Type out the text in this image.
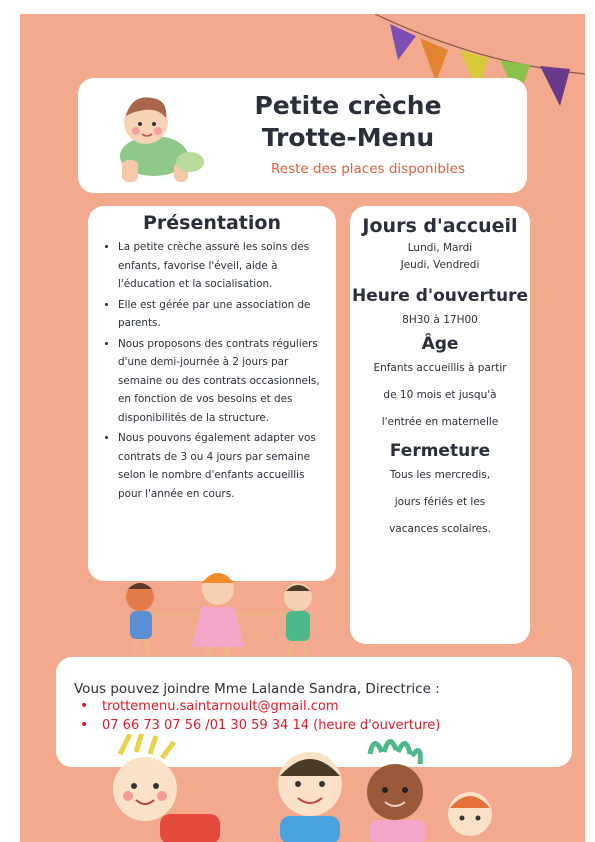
Petite crèche
Trotte-Menu
Reste des places disponibles
Présentation
• La petite crèche assure les soins des enfants, favorise l'éveil, aide à l'éducation et la socialisation.
• Elle est gérée par une association de parents.
• Nous proposons des contrats réguliers d'une demi-journée à 2 jours par semaine ou des contrats occasionnels, en fonction de vos besoins et des disponibilités de la structure.
• Nous pouvons également adapter vos contrats de 3 ou 4 jours par semaine selon le nombre d'enfants accueillis pour l'année en cours.
Jours d'accueil
Lundi, Mardi
Jeudi, Vendredi
Heure d'ouverture
8H30 à 17H00
Âge
Enfants accueillis à partir
de 10 mois et jusqu'à
l'entrée en maternelle
Fermeture
Tous les mercredis,
jours fériés et les
vacances scolaires.
Vous pouvez joindre Mme Lalande Sandra, Directrice :
• trottemenu.saintarnoult@gmail.com
• 07 66 73 07 56 /01 30 59 34 14 (heure d'ouverture)
